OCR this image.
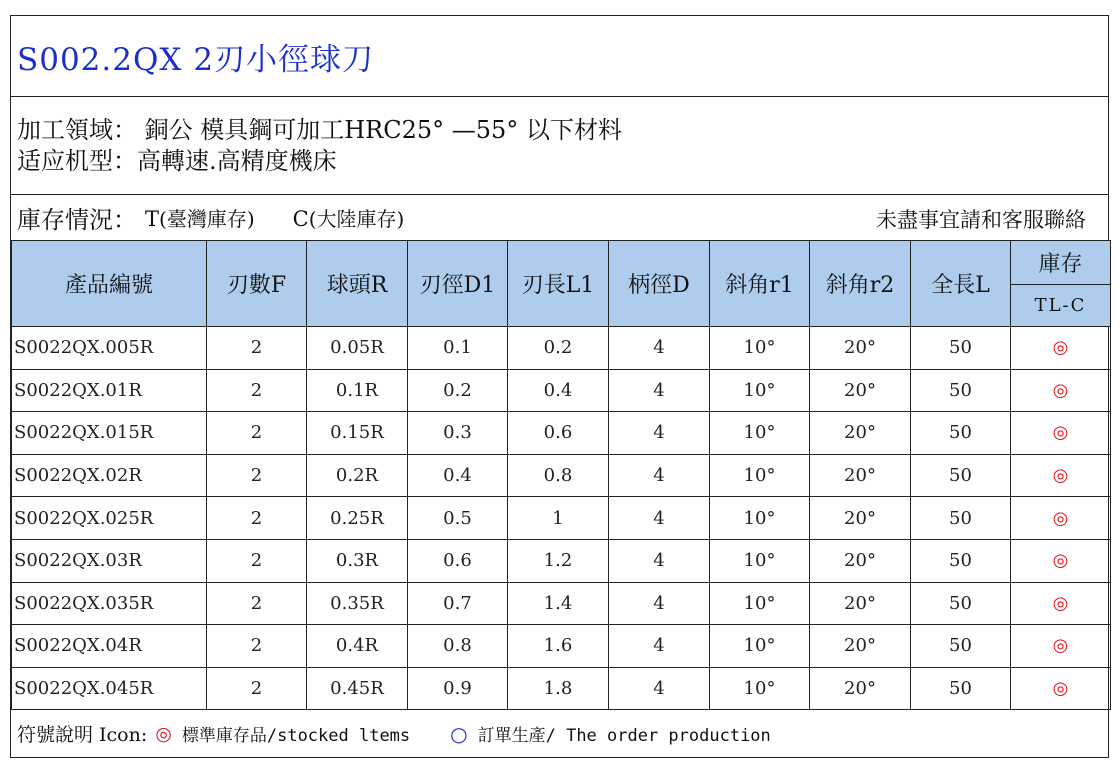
S002.2QX 2刃小徑球刀
加工領域： 銅公 模具鋼可加工HRC25° —55° 以下材料
适应机型：高轉速.高精度機床
庫存情況： T(臺灣庫存) C(大陸庫存)	未盡事宜請和客服聯絡
產品編號	刃數F	球頭R	刃徑D1	刃長L1	柄徑D	斜角r1	斜角r2	全長L	庫存
									TL-C
S0022QX.005R	2	0.05R	0.1	0.2	4	10°	20°	50	◎
S0022QX.01R	2	0.1R	0.2	0.4	4	10°	20°	50	◎
S0022QX.015R	2	0.15R	0.3	0.6	4	10°	20°	50	◎
S0022QX.02R	2	0.2R	0.4	0.8	4	10°	20°	50	◎
S0022QX.025R	2	0.25R	0.5	1	4	10°	20°	50	◎
S0022QX.03R	2	0.3R	0.6	1.2	4	10°	20°	50	◎
S0022QX.035R	2	0.35R	0.7	1.4	4	10°	20°	50	◎
S0022QX.04R	2	0.4R	0.8	1.6	4	10°	20°	50	◎
S0022QX.045R	2	0.45R	0.9	1.8	4	10°	20°	50	◎
符號說明 Icon: ◎ 標準庫存品/stocked ltems ○ 訂單生產/ The order production
